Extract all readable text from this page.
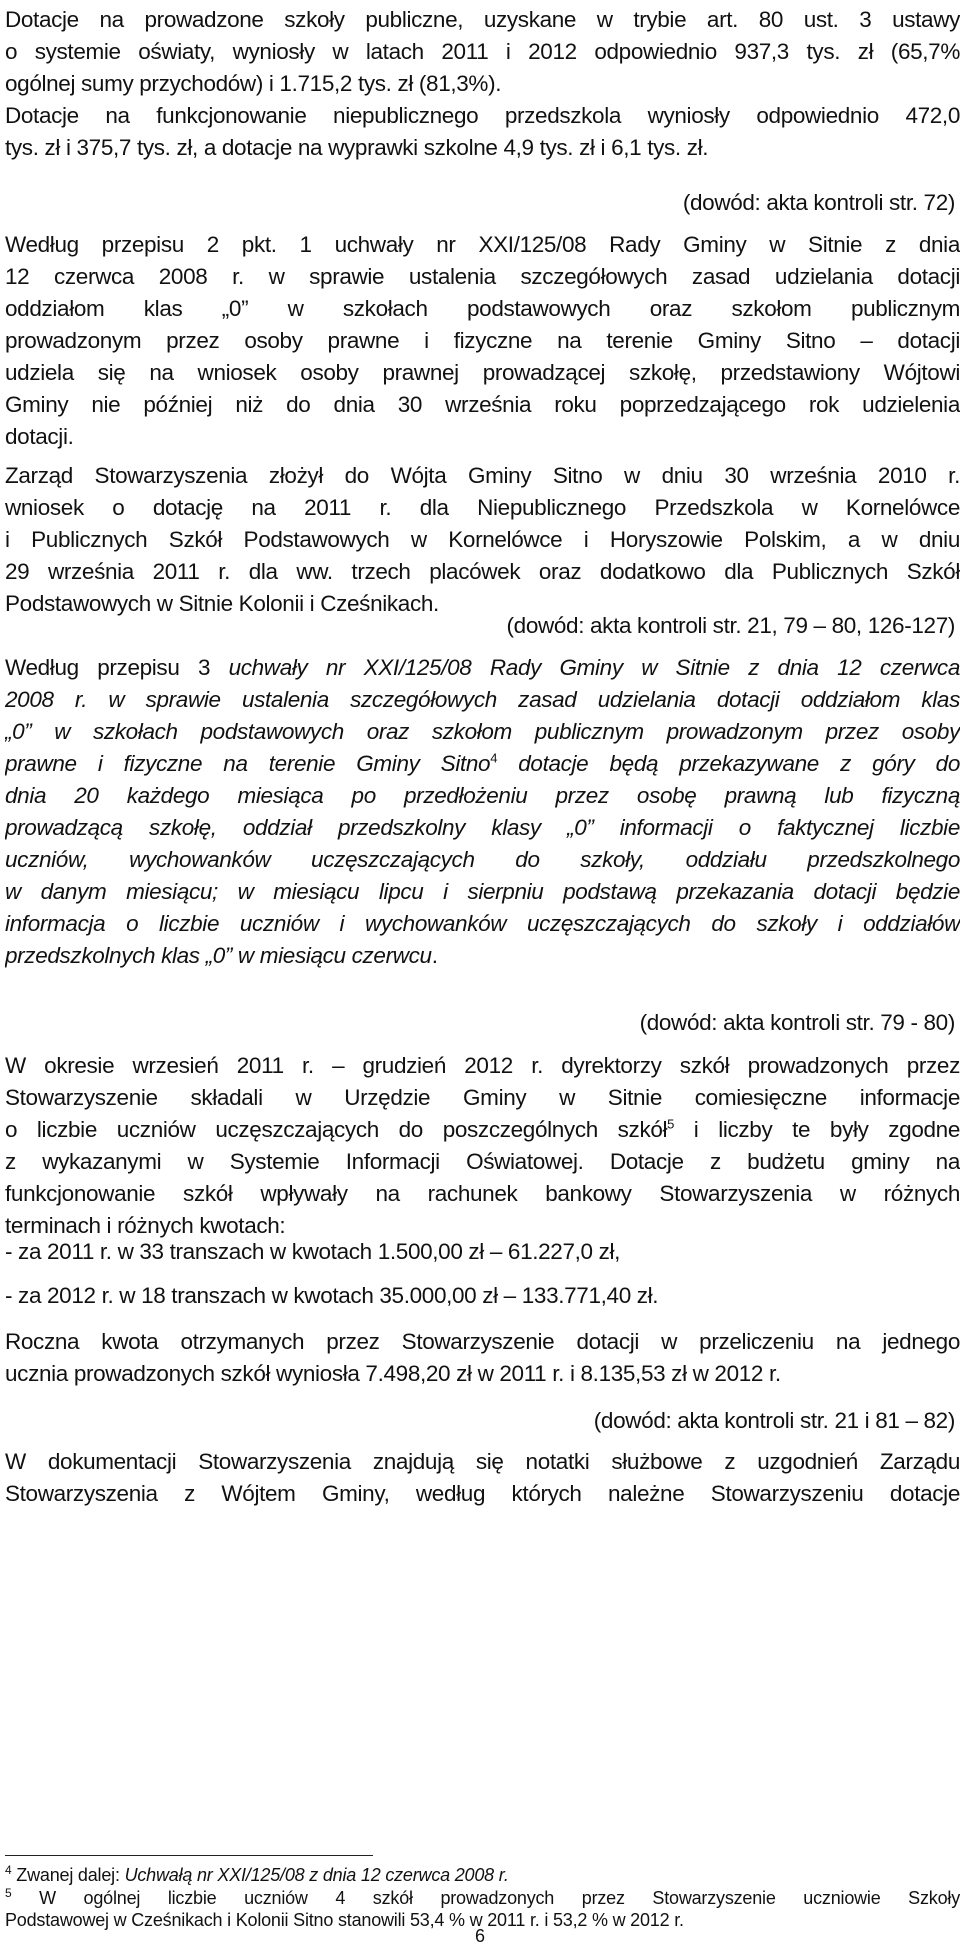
Dotacje na prowadzone szkoły publiczne, uzyskane w trybie art. 80 ust. 3 ustawy
o systemie oświaty, wyniosły w latach 2011 i 2012 odpowiednio 937,3 tys. zł (65,7%
ogólnej sumy przychodów) i 1.715,2 tys. zł (81,3%).
Dotacje na funkcjonowanie niepublicznego przedszkola wyniosły odpowiednio 472,0
tys. zł i 375,7 tys. zł, a dotacje na wyprawki szkolne 4,9 tys. zł i 6,1 tys. zł.
(dowód: akta kontroli str. 72)
Według przepisu 2 pkt. 1 uchwały nr XXI/125/08 Rady Gminy w Sitnie z dnia
12 czerwca 2008 r. w sprawie ustalenia szczegółowych zasad udzielania dotacji
oddziałom klas „0” w szkołach podstawowych oraz szkołom publicznym
prowadzonym przez osoby prawne i fizyczne na terenie Gminy Sitno – dotacji
udziela się na wniosek osoby prawnej prowadzącej szkołę, przedstawiony Wójtowi
Gminy nie później niż do dnia 30 września roku poprzedzającego rok udzielenia
dotacji.
Zarząd Stowarzyszenia złożył do Wójta Gminy Sitno w dniu 30 września 2010 r.
wniosek o dotację na 2011 r. dla Niepublicznego Przedszkola w Kornelówce
i Publicznych Szkół Podstawowych w Kornelówce i Horyszowie Polskim, a w dniu
29 września 2011 r. dla ww. trzech placówek oraz dodatkowo dla Publicznych Szkół
Podstawowych w Sitnie Kolonii i Cześnikach.
(dowód: akta kontroli str. 21, 79 – 80, 126-127)
Według przepisu 3 uchwały nr XXI/125/08 Rady Gminy w Sitnie z dnia 12 czerwca
2008 r. w sprawie ustalenia szczegółowych zasad udzielania dotacji oddziałom klas
„0” w szkołach podstawowych oraz szkołom publicznym prowadzonym przez osoby
prawne i fizyczne na terenie Gminy Sitno$^4$ dotacje będą przekazywane z góry do
dnia 20 każdego miesiąca po przedłożeniu przez osobę prawną lub fizyczną
prowadzącą szkołę, oddział przedszkolny klasy „0” informacji o faktycznej liczbie
uczniów, wychowanków uczęszczających do szkoły, oddziału przedszkolnego
w danym miesiącu; w miesiącu lipcu i sierpniu podstawą przekazania dotacji będzie
informacja o liczbie uczniów i wychowanków uczęszczających do szkoły i oddziałów
przedszkolnych klas „0” w miesiącu czerwcu.
(dowód: akta kontroli str. 79 - 80)
W okresie wrzesień 2011 r. – grudzień 2012 r. dyrektorzy szkół prowadzonych przez
Stowarzyszenie składali w Urzędzie Gminy w Sitnie comiesięczne informacje
o liczbie uczniów uczęszczających do poszczególnych szkół$^5$ i liczby te były zgodne
z wykazanymi w Systemie Informacji Oświatowej. Dotacje z budżetu gminy na
funkcjonowanie szkół wpływały na rachunek bankowy Stowarzyszenia w różnych
terminach i różnych kwotach:
- za 2011 r. w 33 transzach w kwotach 1.500,00 zł – 61.227,0 zł,
- za 2012 r. w 18 transzach w kwotach 35.000,00 zł – 133.771,40 zł.
Roczna kwota otrzymanych przez Stowarzyszenie dotacji w przeliczeniu na jednego
ucznia prowadzonych szkół wyniosła 7.498,20 zł w 2011 r. i 8.135,53 zł w 2012 r.
(dowód: akta kontroli str. 21 i 81 – 82)
W dokumentacji Stowarzyszenia znajdują się notatki służbowe z uzgodnień Zarządu
Stowarzyszenia z Wójtem Gminy, według których należne Stowarzyszeniu dotacje
$^4$ Zwanej dalej: Uchwałą nr XXI/125/08 z dnia 12 czerwca 2008 r.
$^5$ W ogólnej liczbie uczniów 4 szkół prowadzonych przez Stowarzyszenie uczniowie Szkoły
Podstawowej w Cześnikach i Kolonii Sitno stanowili 53,4 % w 2011 r. i 53,2 % w 2012 r.
6
